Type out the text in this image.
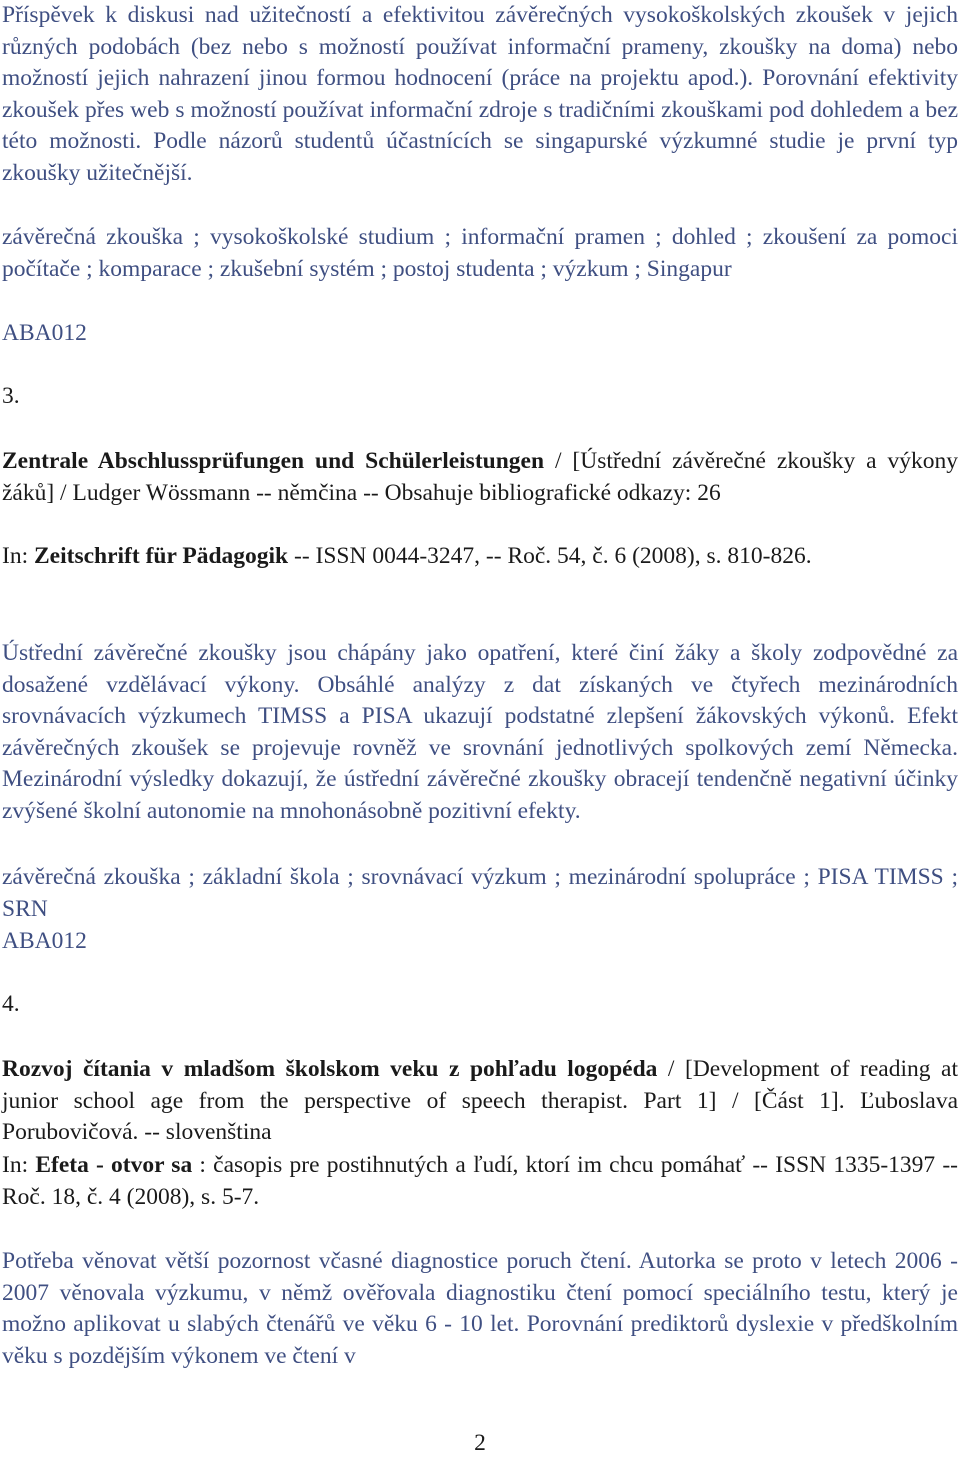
Příspěvek k diskusi nad užitečností a efektivitou závěrečných vysokoškolských zkoušek v jejich různých podobách (bez nebo s možností používat informační prameny, zkoušky na doma) nebo možností jejich nahrazení jinou formou hodnocení (práce na projektu apod.). Porovnání efektivity zkoušek přes web s možností používat informační zdroje s tradičními zkouškami pod dohledem a bez této možnosti. Podle názorů studentů účastnících se singapurské výzkumné studie je první typ zkoušky užitečnější.

závěrečná zkouška ; vysokoškolské studium ; informační pramen ; dohled ; zkoušení za pomoci počítače ; komparace ; zkušební systém ; postoj studenta ; výzkum ; Singapur

ABA012

3.

Zentrale Abschlussprüfungen und Schülerleistungen / [Ústřední závěrečné zkoušky a výkony žáků] / Ludger Wössmann -- němčina -- Obsahuje bibliografické odkazy: 26

In: Zeitschrift für Pädagogik -- ISSN 0044-3247, -- Roč. 54, č. 6 (2008), s. 810-826.

Ústřední závěrečné zkoušky jsou chápány jako opatření, které činí žáky a školy zodpovědné za dosažené vzdělávací výkony. Obsáhlé analýzy z dat získaných ve čtyřech mezinárodních srovnávacích výzkumech TIMSS a PISA ukazují podstatné zlepšení žákovských výkonů. Efekt závěrečných zkoušek se projevuje rovněž ve srovnání jednotlivých spolkových zemí Německa. Mezinárodní výsledky dokazují, že ústřední závěrečné zkoušky obracejí tendenčně negativní účinky zvýšené školní autonomie na mnohonásobně pozitivní efekty.

závěrečná zkouška ; základní škola ; srovnávací výzkum ; mezinárodní spolupráce ; PISA TIMSS ; SRN

ABA012

4.

Rozvoj čítania v mladšom školskom veku z pohľadu logopéda / [Development of reading at junior school age from the perspective of speech therapist. Part 1] / [Část 1]. Ľuboslava Porubovičová. -- slovenština

In: Efeta - otvor sa : časopis pre postihnutých a ľudí, ktorí im chcu pomáhať -- ISSN 1335-1397 -- Roč. 18, č. 4 (2008), s. 5-7.

Potřeba věnovat větší pozornost včasné diagnostice poruch čtení. Autorka se proto v letech 2006 - 2007 věnovala výzkumu, v němž ověřovala diagnostiku čtení pomocí speciálního testu, který je možno aplikovat u slabých čtenářů ve věku 6 - 10 let. Porovnání prediktorů dyslexie v předškolním věku s pozdějším výkonem ve čtení v

2
